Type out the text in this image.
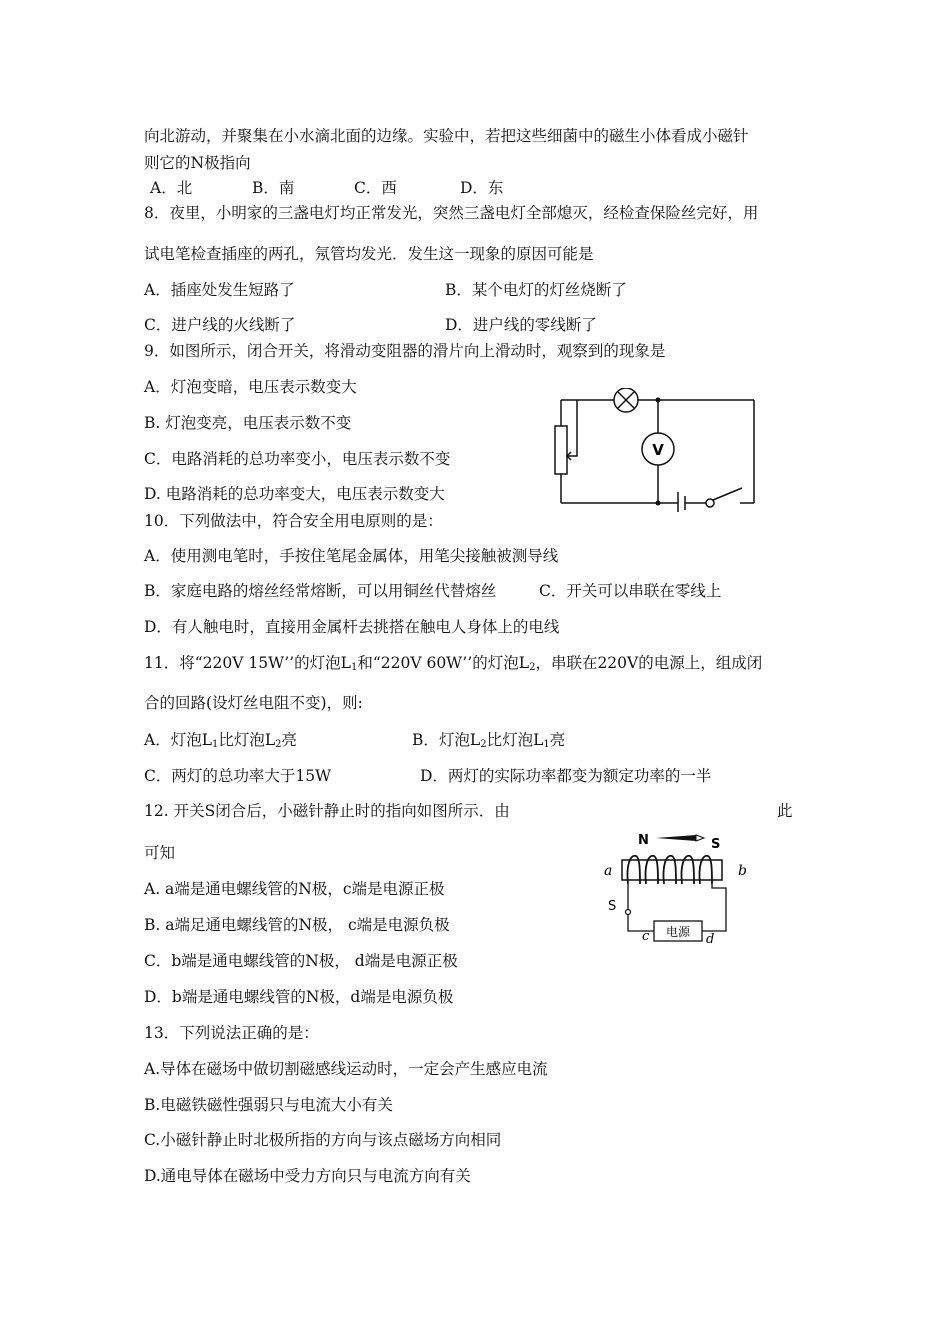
向北游动，并聚集在小水滴北面的边缘。实验中，若把这些细菌中的磁生小体看成小磁针
则它的N极指向
A．北	B．南	C．西	D．东
8．夜里，小明家的三盏电灯均正常发光，突然三盏电灯全部熄灭，经检查保险丝完好，用
试电笔检查插座的两孔，氖管均发光．发生这一现象的原因可能是
A．插座处发生短路了	B．某个电灯的灯丝烧断了
C．进户线的火线断了	D．进户线的零线断了
9．如图所示，闭合开关，将滑动变阻器的滑片向上滑动时，观察到的现象是
A．灯泡变暗，电压表示数变大
B. 灯泡变亮，电压表示数不变
C．电路消耗的总功率变小，电压表示数不变
D. 电路消耗的总功率变大，电压表示数变大
V
10．下列做法中，符合安全用电原则的是：
A．使用测电笔时，手按住笔尾金属体，用笔尖接触被测导线
B．家庭电路的熔丝经常熔断，可以用铜丝代替熔丝	C．开关可以串联在零线上
D．有人触电时，直接用金属杆去挑搭在触电人身体上的电线
11．将“220V 15W’’的灯泡$L_1$和“220V 60W’’的灯泡$L_2$，串联在220V的电源上，组成闭
合的回路(设灯丝电阻不变)，则:
A．灯泡$L_1$比灯泡$L_2$亮	B．灯泡$L_2$比灯泡$L_1$亮
C．两灯的总功率大于15W	D．两灯的实际功率都变为额定功率的一半
12. 开关S闭合后，小磁针静止时的指向如图所示．由	此
可知
A. a端是通电螺线管的N极，c端是电源正极
B. a端足通电螺线管的N极， c端是电源负极
C．b端是通电螺线管的N极， d端是电源正极
D．b端是通电螺线管的N极，d端是电源负极
N	S
电源
a	b
S
c	d
13．下列说法正确的是：
A.导体在磁场中做切割磁感线运动时，一定会产生感应电流
B.电磁铁磁性强弱只与电流大小有关
C.小磁针静止时北极所指的方向与该点磁场方向相同
D.通电导体在磁场中受力方向只与电流方向有关
